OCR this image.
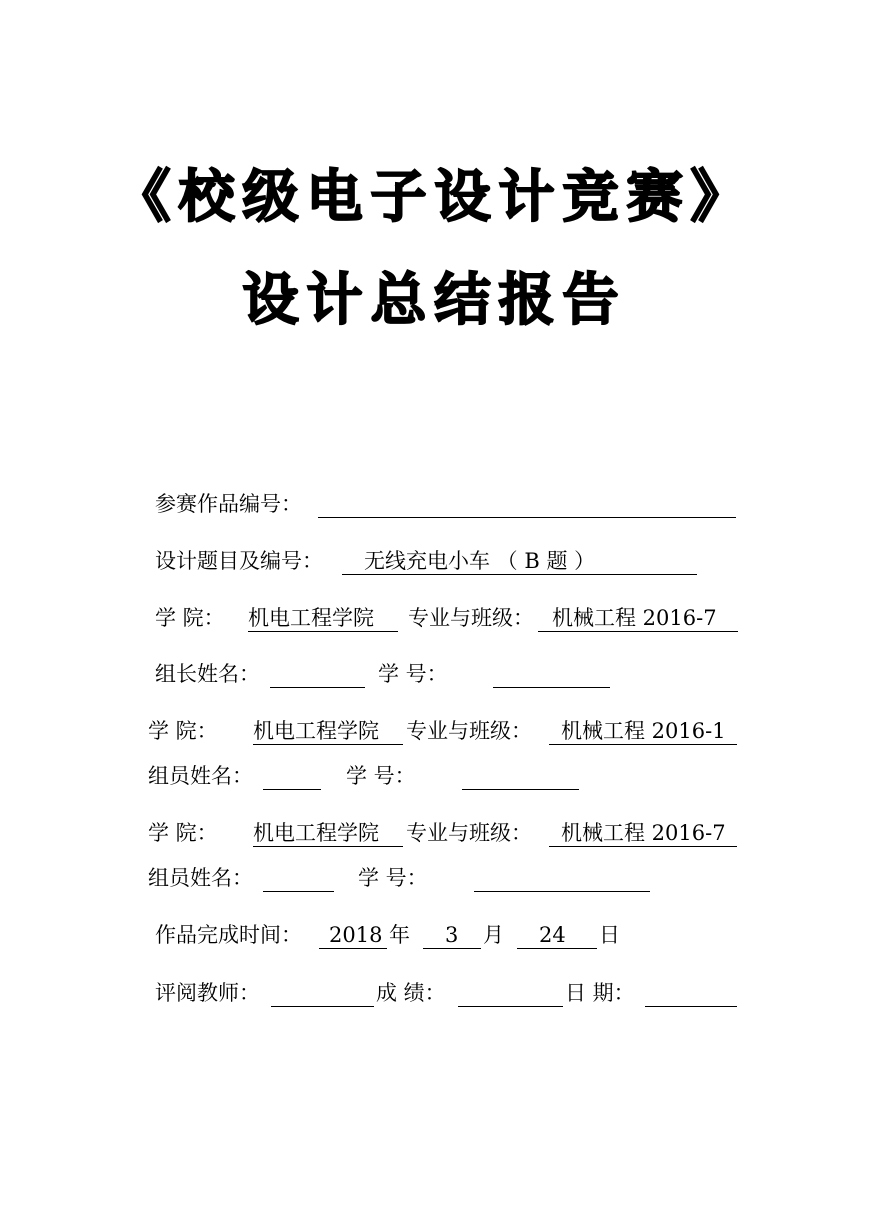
《校级电子设计竞赛》
设计总结报告
参赛作品编号：
设计题目及编号： 无线充电小车 （ B 题 ）
学 院： 机电工程学院 专业与班级： 机械工程 2016-7
组长姓名：	学 号：
学 院： 机电工程学院 专业与班级： 机械工程 2016-1
组员姓名：	学 号：
学 院： 机电工程学院 专业与班级： 机械工程 2016-7
组员姓名：	学 号：
作品完成时间： 2018 年 3 月 24 日
评阅教师：	成 绩：	日 期：
